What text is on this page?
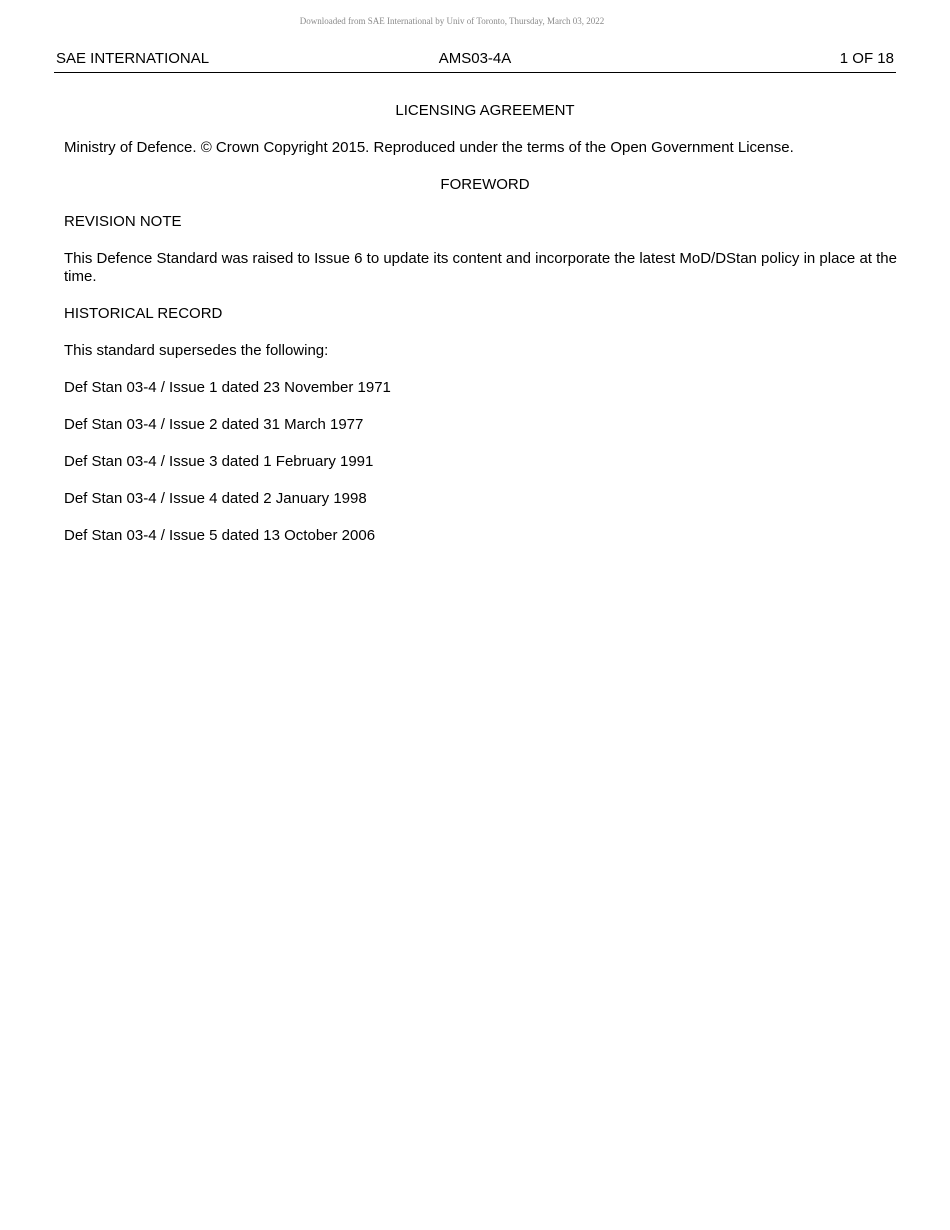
Downloaded from SAE International by Univ of Toronto, Thursday, March 03, 2022
SAE INTERNATIONAL	AMS03-4A	1 OF 18

LICENSING AGREEMENT

Ministry of Defence. © Crown Copyright 2015. Reproduced under the terms of the Open Government License.

FOREWORD

REVISION NOTE

This Defence Standard was raised to Issue 6 to update its content and incorporate the latest MoD/DStan policy in place at the time.

HISTORICAL RECORD

This standard supersedes the following:

Def Stan 03-4 / Issue 1 dated 23 November 1971

Def Stan 03-4 / Issue 2 dated 31 March 1977

Def Stan 03-4 / Issue 3 dated 1 February 1991

Def Stan 03-4 / Issue 4 dated 2 January 1998

Def Stan 03-4 / Issue 5 dated 13 October 2006
